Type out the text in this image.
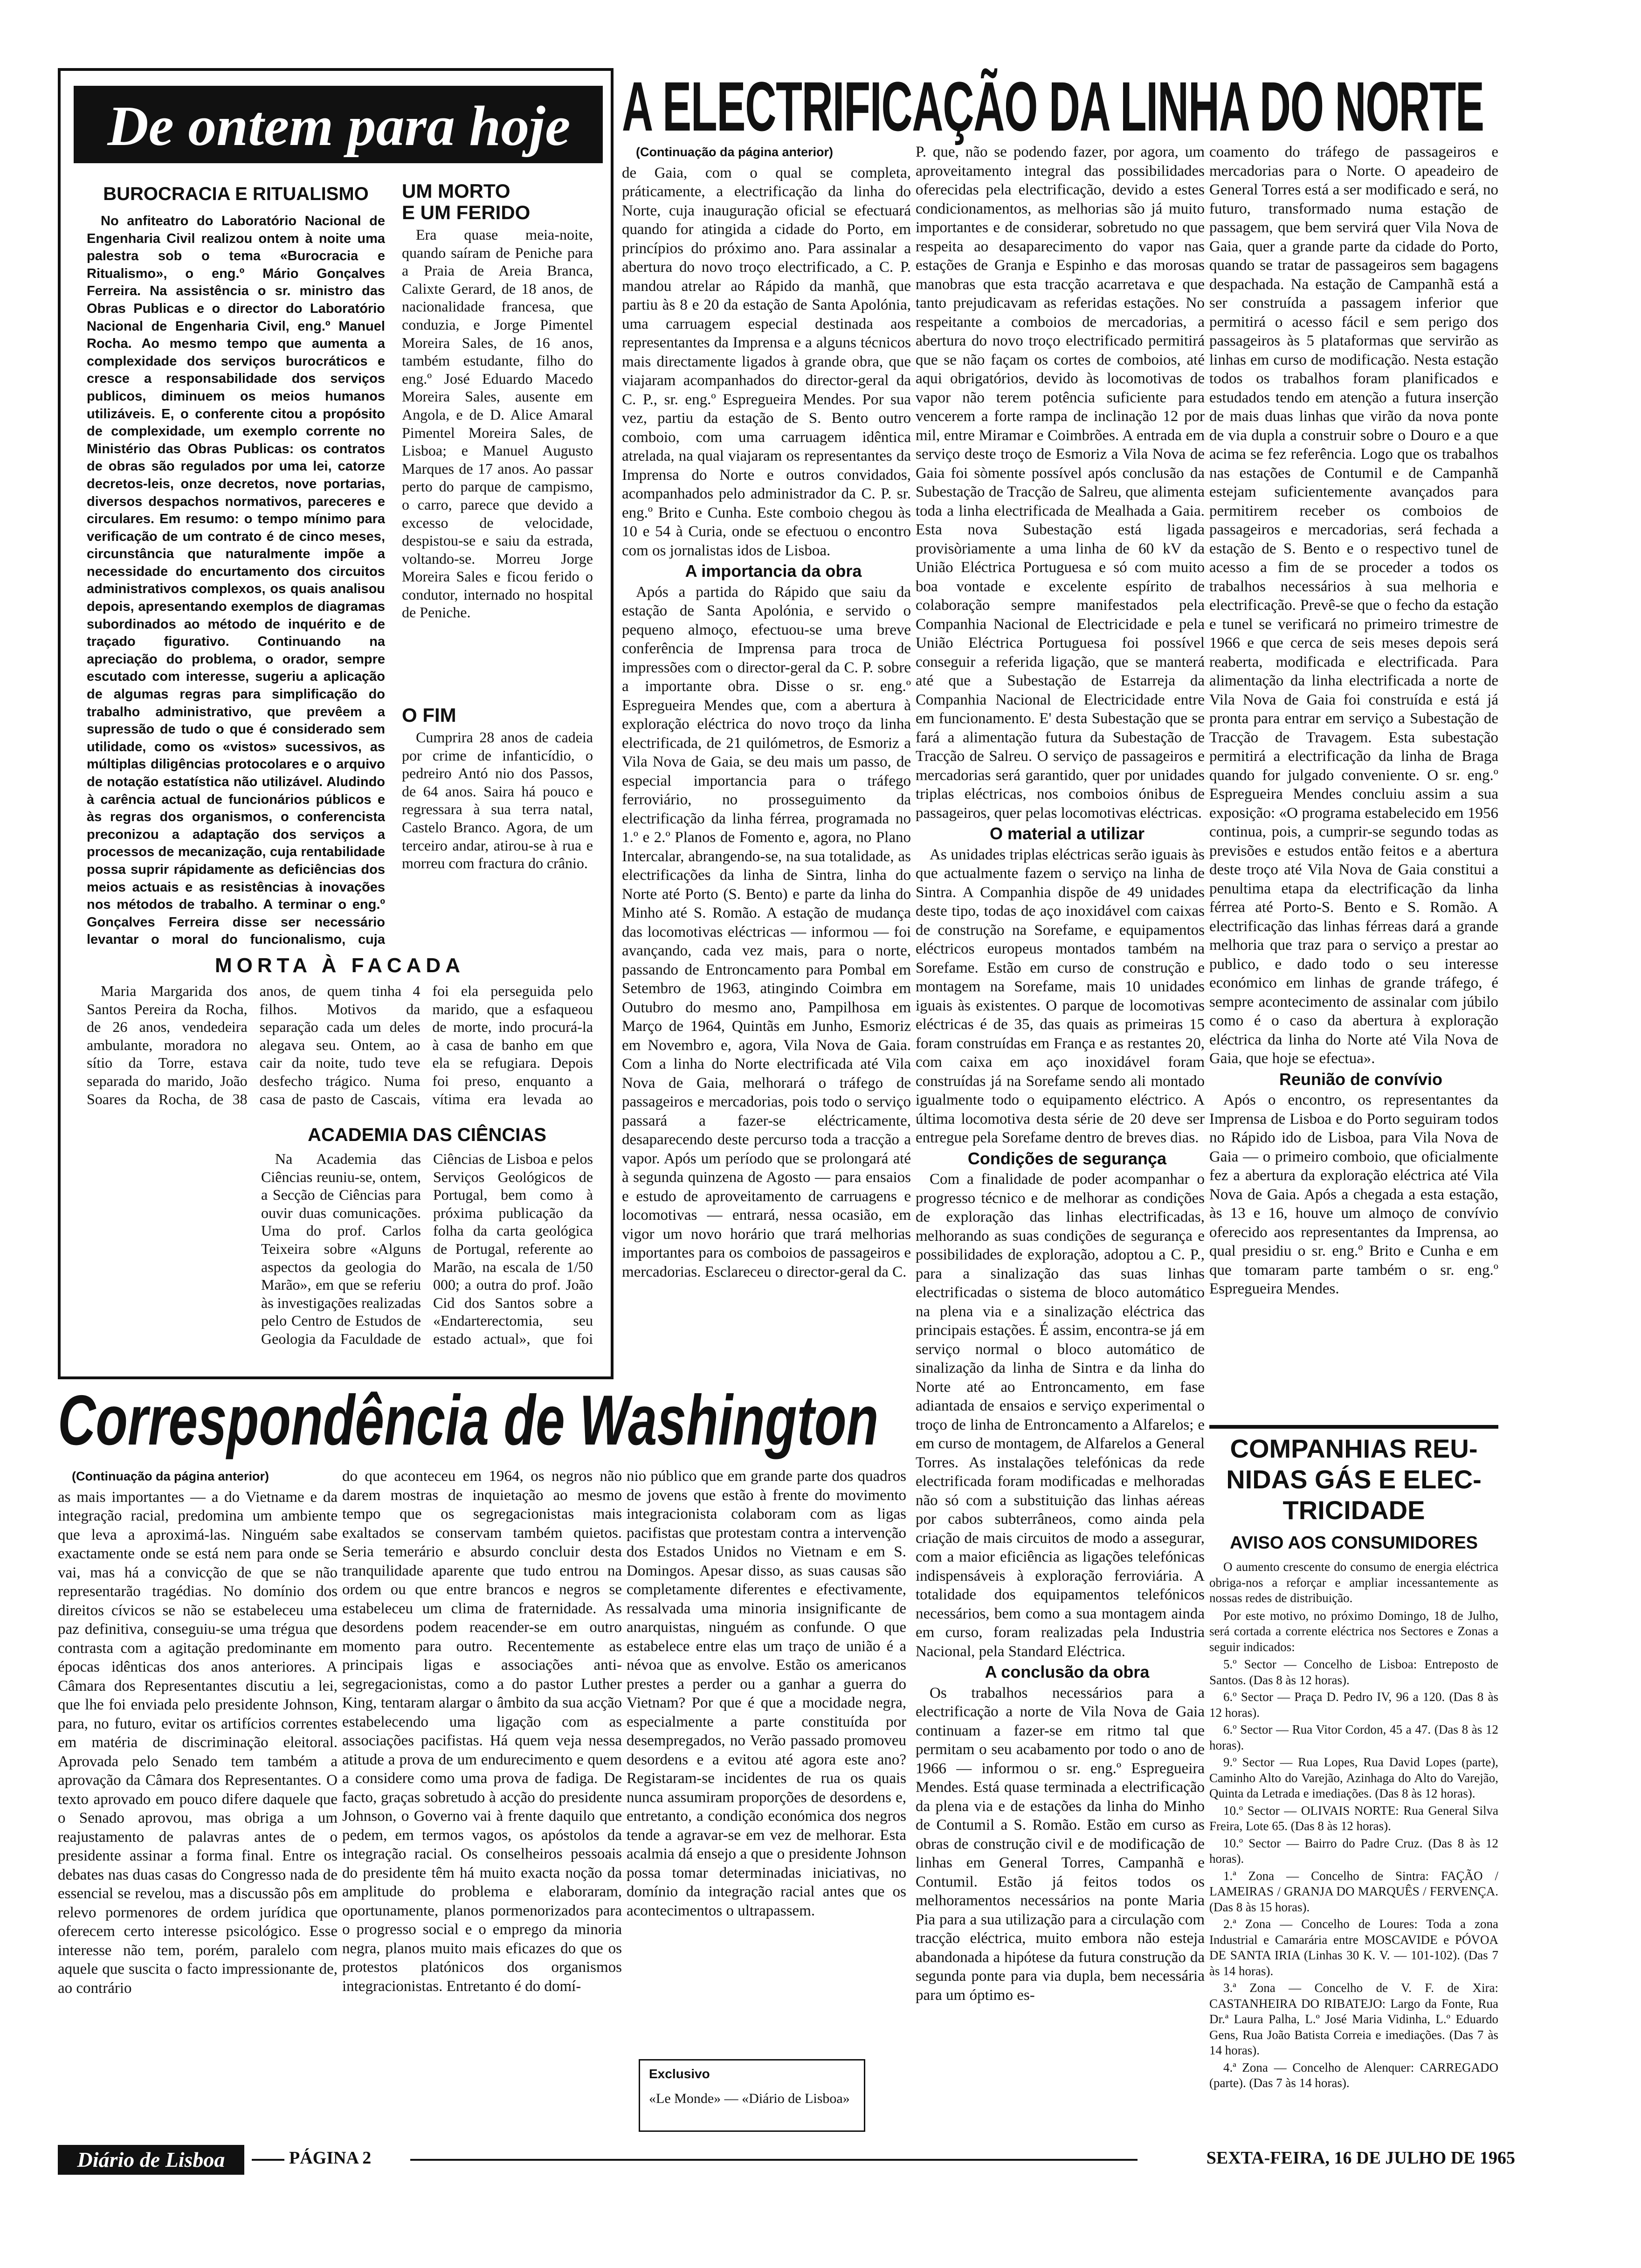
De ontem para hoje
BUROCRACIA E RITUALISMO

No anfiteatro do Laboratório Nacional de Engenharia Civil realizou ontem à noite uma palestra sob o tema «Burocracia e Ritualismo», o eng.º Mário Gonçalves Ferreira. Na assistência o sr. ministro das Obras Publicas e o director do Laboratório Nacional de Engenharia Civil, eng.º Manuel Rocha. Ao mesmo tempo que aumenta a complexidade dos serviços burocráticos e cresce a responsabilidade dos serviços publicos, diminuem os meios humanos utilizáveis. E, o conferente citou a propósito de complexidade, um exemplo corrente no Ministério das Obras Publicas: os contratos de obras são regulados por uma lei, catorze decretos-leis, onze decretos, nove portarias, diversos despachos normativos, pareceres e circulares. Em resumo: o tempo mínimo para verificação de um contrato é de cinco meses, circunstância que naturalmente impõe a necessidade do encurtamento dos circuitos administrativos complexos, os quais analisou depois, apresentando exemplos de diagramas subordinados ao método de inquérito e de traçado figurativo. Continuando na apreciação do problema, o orador, sempre escutado com interesse, sugeriu a aplicação de algumas regras para simplificação do trabalho administrativo, que prevêem a supressão de tudo o que é considerado sem utilidade, como os «vistos» sucessivos, as múltiplas diligências protocolares e o arquivo de notação estatística não utilizável. Aludindo à carência actual de funcionários públicos e às regras dos organismos, o conferencista preconizou a adaptação dos serviços a processos de mecanização, cuja rentabilidade possa suprir rápidamente as deficiências dos meios actuais e as resistências à inovações nos métodos de trabalho. A terminar o eng.º Gonçalves Ferreira disse ser necessário levantar o moral do funcionalismo, cuja

UM MORTO
E UM FERIDO

Era quase meia-noite, quando saíram de Peniche para a Praia de Areia Branca, Calixte Gerard, de 18 anos, de nacionalidade francesa, que conduzia, e Jorge Pimentel Moreira Sales, de 16 anos, também estudante, filho do eng.º José Eduardo Macedo Moreira Sales, ausente em Angola, e de D. Alice Amaral Pimentel Moreira Sales, de Lisboa; e Manuel Augusto Marques de 17 anos. Ao passar perto do parque de campismo, o carro, parece que devido a excesso de velocidade, despistou-se e saiu da estrada, voltando-se. Morreu Jorge Moreira Sales e ficou ferido o condutor, internado no hospital de Peniche.

O FIM

Cumprira 28 anos de cadeia por crime de infanticídio, o pedreiro Antó nio dos Passos, de 64 anos. Saira há pouco e regressara à sua terra natal, Castelo Branco. Agora, de um terceiro andar, atirou-se à rua e morreu com fractura do crânio.

MORTA À FACADA

Maria Margarida dos Santos Pereira da Rocha, de 26 anos, vendedeira ambulante, moradora no sítio da Torre, estava separada do marido, João Soares da Rocha, de 38 anos, de quem tinha 4 filhos. Motivos da separação cada um deles alegava seu. Ontem, ao cair da noite, tudo teve desfecho trágico. Numa casa de pasto de Cascais, foi ela perseguida pelo marido, que a esfaqueou de morte, indo procurá-la à casa de banho em que ela se refugiara. Depois foi preso, enquanto a vítima era levada ao

ACADEMIA DAS CIÊNCIAS

Na Academia das Ciências reuniu-se, ontem, a Secção de Ciências para ouvir duas comunicações. Uma do prof. Carlos Teixeira sobre «Alguns aspectos da geologia do Marão», em que se referiu às investigações realizadas pelo Centro de Estudos de Geologia da Faculdade de Ciências de Lisboa e pelos Serviços Geológicos de Portugal, bem como à próxima publicação da folha da carta geológica de Portugal, referente ao Marão, na escala de 1/50 000; a outra do prof. João Cid dos Santos sobre a «Endarterectomia, seu estado actual», que foi

A ELECTRIFICAÇÃO DA LINHA DO NORTE

(Continuação da página anterior)

de Gaia, com o qual se completa, práticamente, a electrificação da linha do Norte, cuja inauguração oficial se efectuará quando for atingida a cidade do Porto, em princípios do próximo ano. Para assinalar a abertura do novo troço electrificado, a C. P. mandou atrelar ao Rápido da manhã, que partiu às 8 e 20 da estação de Santa Apolónia, uma carruagem especial destinada aos representantes da Imprensa e a alguns técnicos mais directamente ligados à grande obra, que viajaram acompanhados do director-geral da C. P., sr. eng.º Espregueira Mendes. Por sua vez, partiu da estação de S. Bento outro comboio, com uma carruagem idêntica atrelada, na qual viajaram os representantes da Imprensa do Norte e outros convidados, acompanhados pelo administrador da C. P. sr. eng.º Brito e Cunha. Este comboio chegou às 10 e 54 à Curia, onde se efectuou o encontro com os jornalistas idos de Lisboa.

A importancia da obra

Após a partida do Rápido que saiu da estação de Santa Apolónia, e servido o pequeno almoço, efectuou-se uma breve conferência de Imprensa para troca de impressões com o director-geral da C. P. sobre a importante obra. Disse o sr. eng.º Espregueira Mendes que, com a abertura à exploração eléctrica do novo troço da linha electrificada, de 21 quilómetros, de Esmoriz a Vila Nova de Gaia, se deu mais um passo, de especial importancia para o tráfego ferroviário, no prosseguimento da electrificação da linha férrea, programada no 1.º e 2.º Planos de Fomento e, agora, no Plano Intercalar, abrangendo-se, na sua totalidade, as electrificações da linha de Sintra, linha do Norte até Porto (S. Bento) e parte da linha do Minho até S. Romão. A estação de mudança das locomotivas eléctricas — informou — foi avançando, cada vez mais, para o norte, passando de Entroncamento para Pombal em Setembro de 1963, atingindo Coimbra em Outubro do mesmo ano, Pampilhosa em Março de 1964, Quintãs em Junho, Esmoriz em Novembro e, agora, Vila Nova de Gaia. Com a linha do Norte electrificada até Vila Nova de Gaia, melhorará o tráfego de passageiros e mercadorias, pois todo o serviço passará a fazer-se eléctricamente, desaparecendo deste percurso toda a tracção a vapor. Após um período que se prolongará até à segunda quinzena de Agosto — para ensaios e estudo de aproveitamento de carruagens e locomotivas — entrará, nessa ocasião, em vigor um novo horário que trará melhorias importantes para os comboios de passageiros e mercadorias. Esclareceu o director-geral da C.

P. que, não se podendo fazer, por agora, um aproveitamento integral das possibilidades oferecidas pela electrificação, devido a estes condicionamentos, as melhorias são já muito importantes e de considerar, sobretudo no que respeita ao desaparecimento do vapor nas estações de Granja e Espinho e das morosas manobras que esta tracção acarretava e que tanto prejudicavam as referidas estações. No respeitante a comboios de mercadorias, a abertura do novo troço electrificado permitirá que se não façam os cortes de comboios, até aqui obrigatórios, devido às locomotivas de vapor não terem potência suficiente para vencerem a forte rampa de inclinação 12 por mil, entre Miramar e Coimbrões. A entrada em serviço deste troço de Esmoriz a Vila Nova de Gaia foi sòmente possível após conclusão da Subestação de Tracção de Salreu, que alimenta toda a linha electrificada de Mealhada a Gaia. Esta nova Subestação está ligada provisòriamente a uma linha de 60 kV da União Eléctrica Portuguesa e só com muito boa vontade e excelente espírito de colaboração sempre manifestados pela Companhia Nacional de Electricidade e pela União Eléctrica Portuguesa foi possível conseguir a referida ligação, que se manterá até que a Subestação de Estarreja da Companhia Nacional de Electricidade entre em funcionamento. E' desta Subestação que se fará a alimentação futura da Subestação de Tracção de Salreu. O serviço de passageiros e mercadorias será garantido, quer por unidades triplas eléctricas, nos comboios ónibus de passageiros, quer pelas locomotivas eléctricas.

O material a utilizar

As unidades triplas eléctricas serão iguais às que actualmente fazem o serviço na linha de Sintra. A Companhia dispõe de 49 unidades deste tipo, todas de aço inoxidável com caixas de construção na Sorefame, e equipamentos eléctricos europeus montados também na Sorefame. Estão em curso de construção e montagem na Sorefame, mais 10 unidades iguais às existentes. O parque de locomotivas eléctricas é de 35, das quais as primeiras 15 foram construídas em França e as restantes 20, com caixa em aço inoxidável foram construídas já na Sorefame sendo ali montado igualmente todo o equipamento eléctrico. A última locomotiva desta série de 20 deve ser entregue pela Sorefame dentro de breves dias.

Condições de segurança

Com a finalidade de poder acompanhar o progresso técnico e de melhorar as condições de exploração das linhas electrificadas, melhorando as suas condições de segurança e possibilidades de exploração, adoptou a C. P., para a sinalização das suas linhas electrificadas o sistema de bloco automático na plena via e a sinalização eléctrica das principais estações. É assim, encontra-se já em serviço normal o bloco automático de sinalização da linha de Sintra e da linha do Norte até ao Entroncamento, em fase adiantada de ensaios e serviço experimental o troço de linha de Entroncamento a Alfarelos; e em curso de montagem, de Alfarelos a General Torres. As instalações telefónicas da rede electrificada foram modificadas e melhoradas não só com a substituição das linhas aéreas por cabos subterrâneos, como ainda pela criação de mais circuitos de modo a assegurar, com a maior eficiência as ligações telefónicas indispensáveis à exploração ferroviária. A totalidade dos equipamentos telefónicos necessários, bem como a sua montagem ainda em curso, foram realizadas pela Industria Nacional, pela Standard Eléctrica.

A conclusão da obra

Os trabalhos necessários para a electrificação a norte de Vila Nova de Gaia continuam a fazer-se em ritmo tal que permitam o seu acabamento por todo o ano de 1966 — informou o sr. eng.º Espregueira Mendes. Está quase terminada a electrificação da plena via e de estações da linha do Minho de Contumil a S. Romão. Estão em curso as obras de construção civil e de modificação de linhas em General Torres, Campanhã e Contumil. Estão já feitos todos os melhoramentos necessários na ponte Maria Pia para a sua utilização para a circulação com tracção eléctrica, muito embora não esteja abandonada a hipótese da futura construção da segunda ponte para via dupla, bem necessária para um óptimo es-

coamento do tráfego de passageiros e mercadorias para o Norte. O apeadeiro de General Torres está a ser modificado e será, no futuro, transformado numa estação de passagem, que bem servirá quer Vila Nova de Gaia, quer a grande parte da cidade do Porto, quando se tratar de passageiros sem bagagens despachada. Na estação de Campanhã está a ser construída a passagem inferior que permitirá o acesso fácil e sem perigo dos passageiros às 5 plataformas que servirão as linhas em curso de modificação. Nesta estação todos os trabalhos foram planificados e estudados tendo em atenção a futura inserção de mais duas linhas que virão da nova ponte de via dupla a construir sobre o Douro e a que acima se fez referência. Logo que os trabalhos nas estações de Contumil e de Campanhã estejam suficientemente avançados para permitirem receber os comboios de passageiros e mercadorias, será fechada a estação de S. Bento e o respectivo tunel de acesso a fim de se proceder a todos os trabalhos necessários à sua melhoria e electrificação. Prevê-se que o fecho da estação e tunel se verificará no primeiro trimestre de 1966 e que cerca de seis meses depois será reaberta, modificada e electrificada. Para alimentação da linha electrificada a norte de Vila Nova de Gaia foi construída e está já pronta para entrar em serviço a Subestação de Tracção de Travagem. Esta subestação permitirá a electrificação da linha de Braga quando for julgado conveniente. O sr. eng.º Espregueira Mendes concluiu assim a sua exposição: «O programa estabelecido em 1956 continua, pois, a cumprir-se segundo todas as previsões e estudos então feitos e a abertura deste troço até Vila Nova de Gaia constitui a penultima etapa da electrificação da linha férrea até Porto-S. Bento e S. Romão. A electrificação das linhas férreas dará a grande melhoria que traz para o serviço a prestar ao publico, e dado todo o seu interesse económico em linhas de grande tráfego, é sempre acontecimento de assinalar com júbilo como é o caso da abertura à exploração eléctrica da linha do Norte até Vila Nova de Gaia, que hoje se efectua».

Reunião de convívio

Após o encontro, os representantes da Imprensa de Lisboa e do Porto seguiram todos no Rápido ido de Lisboa, para Vila Nova de Gaia — o primeiro comboio, que oficialmente fez a abertura da exploração eléctrica até Vila Nova de Gaia. Após a chegada a esta estação, às 13 e 16, houve um almoço de convívio oferecido aos representantes da Imprensa, ao qual presidiu o sr. eng.º Brito e Cunha e em que tomaram parte também o sr. eng.º Espregueira Mendes.

Correspondência de Washington

(Continuação da página anterior)

as mais importantes — a do Vietname e da integração racial, predomina um ambiente que leva a aproximá-las. Ninguém sabe exactamente onde se está nem para onde se vai, mas há a convicção de que se não representarão tragédias. No domínio dos direitos cívicos se não se estabeleceu uma paz definitiva, conseguiu-se uma trégua que contrasta com a agitação predominante em épocas idênticas dos anos anteriores. A Câmara dos Representantes discutiu a lei, que lhe foi enviada pelo presidente Johnson, para, no futuro, evitar os artifícios correntes em matéria de discriminação eleitoral. Aprovada pelo Senado tem também a aprovação da Câmara dos Representantes. O texto aprovado em pouco difere daquele que o Senado aprovou, mas obriga a um reajustamento de palavras antes de o presidente assinar a forma final. Entre os debates nas duas casas do Congresso nada de essencial se revelou, mas a discussão pôs em relevo pormenores de ordem jurídica que oferecem certo interesse psicológico. Esse interesse não tem, porém, paralelo com aquele que suscita o facto impressionante de, ao contrário

do que aconteceu em 1964, os negros não darem mostras de inquietação ao mesmo tempo que os segregacionistas mais exaltados se conservam também quietos. Seria temerário e absurdo concluir desta tranquilidade aparente que tudo entrou na ordem ou que entre brancos e negros se estabeleceu um clima de fraternidade. As desordens podem reacender-se em outro momento para outro. Recentemente as principais ligas e associações anti-segregacionistas, como a do pastor Luther King, tentaram alargar o âmbito da sua acção estabelecendo uma ligação com as associações pacifistas. Há quem veja nessa atitude a prova de um endurecimento e quem a considere como uma prova de fadiga. De facto, graças sobretudo à acção do presidente Johnson, o Governo vai à frente daquilo que pedem, em termos vagos, os apóstolos da integração racial. Os conselheiros pessoais do presidente têm há muito exacta noção da amplitude do problema e elaboraram, oportunamente, planos pormenorizados para o progresso social e o emprego da minoria negra, planos muito mais eficazes do que os protestos platónicos dos organismos integracionistas. Entretanto é do domí-

nio público que em grande parte dos quadros de jovens que estão à frente do movimento integracionista colaboram com as ligas pacifistas que protestam contra a intervenção dos Estados Unidos no Vietnam e em S. Domingos. Apesar disso, as suas causas são completamente diferentes e efectivamente, ressalvada uma minoria insignificante de anarquistas, ninguém as confunde. O que estabelece entre elas um traço de união é a névoa que as envolve. Estão os americanos prestes a perder ou a ganhar a guerra do Vietnam? Por que é que a mocidade negra, especialmente a parte constituída por desempregados, no Verão passado promoveu desordens e a evitou até agora este ano? Registaram-se incidentes de rua os quais nunca assumiram proporções de desordens e, entretanto, a condição económica dos negros tende a agravar-se em vez de melhorar. Esta acalmia dá ensejo a que o presidente Johnson possa tomar determinadas iniciativas, no domínio da integração racial antes que os acontecimentos o ultrapassem.

Exclusivo
«Le Monde» — «Diário de Lisboa»
COMPANHIAS REU-
NIDAS GÁS E ELEC-
TRICIDADE
AVISO AOS CONSUMIDORES

O aumento crescente do consumo de energia eléctrica obriga-nos a reforçar e ampliar incessantemente as nossas redes de distribuição.

Por este motivo, no próximo Domingo, 18 de Julho, será cortada a corrente eléctrica nos Sectores e Zonas a seguir indicados:

5.º Sector — Concelho de Lisboa: Entreposto de Santos. (Das 8 às 12 horas).
6.º Sector — Praça D. Pedro IV, 96 a 120. (Das 8 às 12 horas).
6.º Sector — Rua Vitor Cordon, 45 a 47. (Das 8 às 12 horas).
9.º Sector — Rua Lopes, Rua David Lopes (parte), Caminho Alto do Varejão, Azinhaga do Alto do Varejão, Quinta da Letrada e imediações. (Das 8 às 12 horas).
10.º Sector — OLIVAIS NORTE: Rua General Silva Freira, Lote 65. (Das 8 às 12 horas).
10.º Sector — Bairro do Padre Cruz. (Das 8 às 12 horas).
1.ª Zona — Concelho de Sintra: FAÇÃO / LAMEIRAS / GRANJA DO MARQUÊS / FERVENÇA. (Das 8 às 15 horas).
2.ª Zona — Concelho de Loures: Toda a zona Industrial e Camarária entre MOSCAVIDE e PÓVOA DE SANTA IRIA (Linhas 30 K. V. — 101-102). (Das 7 às 14 horas).
3.ª Zona — Concelho de V. F. de Xira: CASTANHEIRA DO RIBATEJO: Largo da Fonte, Rua Dr.ª Laura Palha, L.º José Maria Vidinha, L.º Eduardo Gens, Rua João Batista Correia e imediações. (Das 7 às 14 horas).
4.ª Zona — Concelho de Alenquer: CARREGADO (parte). (Das 7 às 14 horas).
Diário de Lisboa	PÁGINA 2	SEXTA-FEIRA, 16 DE JULHO DE 1965
